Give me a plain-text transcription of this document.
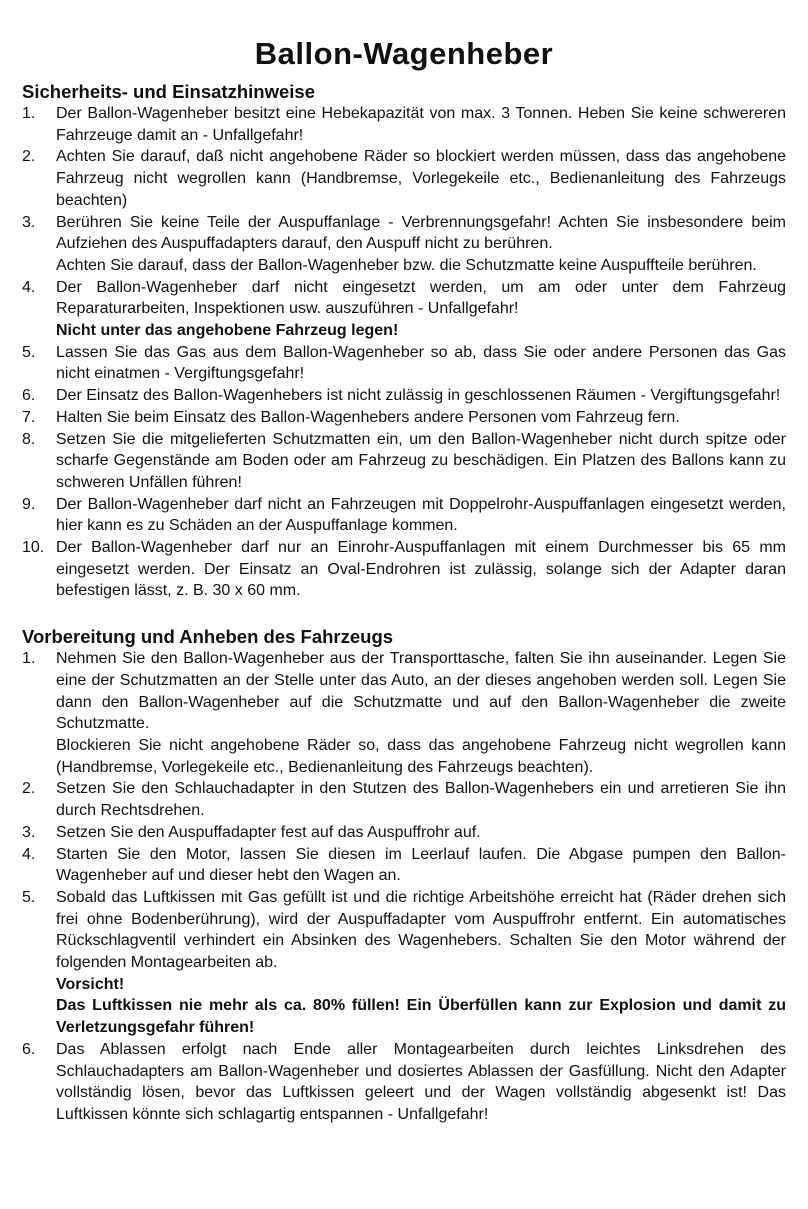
Ballon-Wagenheber
Sicherheits- und Einsatzhinweise
1. Der Ballon-Wagenheber besitzt eine Hebekapazität von max. 3 Tonnen. Heben Sie keine schwereren Fahrzeuge damit an - Unfallgefahr!
2. Achten Sie darauf, daß nicht angehobene Räder so blockiert werden müssen, dass das angehobene Fahrzeug nicht wegrollen kann (Handbremse, Vorlegekeile etc., Bedienanleitung des Fahrzeugs beachten)
3. Berühren Sie keine Teile der Auspuffanlage - Verbrennungsgefahr! Achten Sie insbesondere beim Aufziehen des Auspuffadapters darauf, den Auspuff nicht zu berühren.
Achten Sie darauf, dass der Ballon-Wagenheber bzw. die Schutzmatte keine Auspuffteile berühren.
4. Der Ballon-Wagenheber darf nicht eingesetzt werden, um am oder unter dem Fahrzeug Reparaturarbeiten, Inspektionen usw. auszuführen - Unfallgefahr!
Nicht unter das angehobene Fahrzeug legen!
5. Lassen Sie das Gas aus dem Ballon-Wagenheber so ab, dass Sie oder andere Personen das Gas nicht einatmen - Vergiftungsgefahr!
6. Der Einsatz des Ballon-Wagenhebers ist nicht zulässig in geschlossenen Räumen - Vergiftungsgefahr!
7. Halten Sie beim Einsatz des Ballon-Wagenhebers andere Personen vom Fahrzeug fern.
8. Setzen Sie die mitgelieferten Schutzmatten ein, um den Ballon-Wagenheber nicht durch spitze oder scharfe Gegenstände am Boden oder am Fahrzeug zu beschädigen. Ein Platzen des Ballons kann zu schweren Unfällen führen!
9. Der Ballon-Wagenheber darf nicht an Fahrzeugen mit Doppelrohr-Auspuffanlagen eingesetzt werden, hier kann es zu Schäden an der Auspuffanlage kommen.
10. Der Ballon-Wagenheber darf nur an Einrohr-Auspuffanlagen mit einem Durchmesser bis 65 mm eingesetzt werden. Der Einsatz an Oval-Endrohren ist zulässig, solange sich der Adapter daran befestigen lässt, z. B. 30 x 60 mm.
Vorbereitung und Anheben des Fahrzeugs
1. Nehmen Sie den Ballon-Wagenheber aus der Transporttasche, falten Sie ihn auseinander. Legen Sie eine der Schutzmatten an der Stelle unter das Auto, an der dieses angehoben werden soll. Legen Sie dann den Ballon-Wagenheber auf die Schutzmatte und auf den Ballon-Wagenheber die zweite Schutzmatte.
Blockieren Sie nicht angehobene Räder so, dass das angehobene Fahrzeug nicht wegrollen kann (Handbremse, Vorlegekeile etc., Bedienanleitung des Fahrzeugs beachten).
2. Setzen Sie den Schlauchadapter in den Stutzen des Ballon-Wagenhebers ein und arretieren Sie ihn durch Rechtsdrehen.
3. Setzen Sie den Auspuffadapter fest auf das Auspuffrohr auf.
4. Starten Sie den Motor, lassen Sie diesen im Leerlauf laufen. Die Abgase pumpen den Ballon-Wagenheber auf und dieser hebt den Wagen an.
5. Sobald das Luftkissen mit Gas gefüllt ist und die richtige Arbeitshöhe erreicht hat (Räder drehen sich frei ohne Bodenberührung), wird der Auspuffadapter vom Auspuffrohr entfernt. Ein automatisches Rückschlagventil verhindert ein Absinken des Wagenhebers. Schalten Sie den Motor während der folgenden Montagearbeiten ab.
Vorsicht!
Das Luftkissen nie mehr als ca. 80% füllen! Ein Überfüllen kann zur Explosion und damit zu Verletzungsgefahr führen!
6. Das Ablassen erfolgt nach Ende aller Montagearbeiten durch leichtes Linksdrehen des Schlauchadapters am Ballon-Wagenheber und dosiertes Ablassen der Gasfüllung. Nicht den Adapter vollständig lösen, bevor das Luftkissen geleert und der Wagen vollständig abgesenkt ist! Das Luftkissen könnte sich schlagartig entspannen - Unfallgefahr!
